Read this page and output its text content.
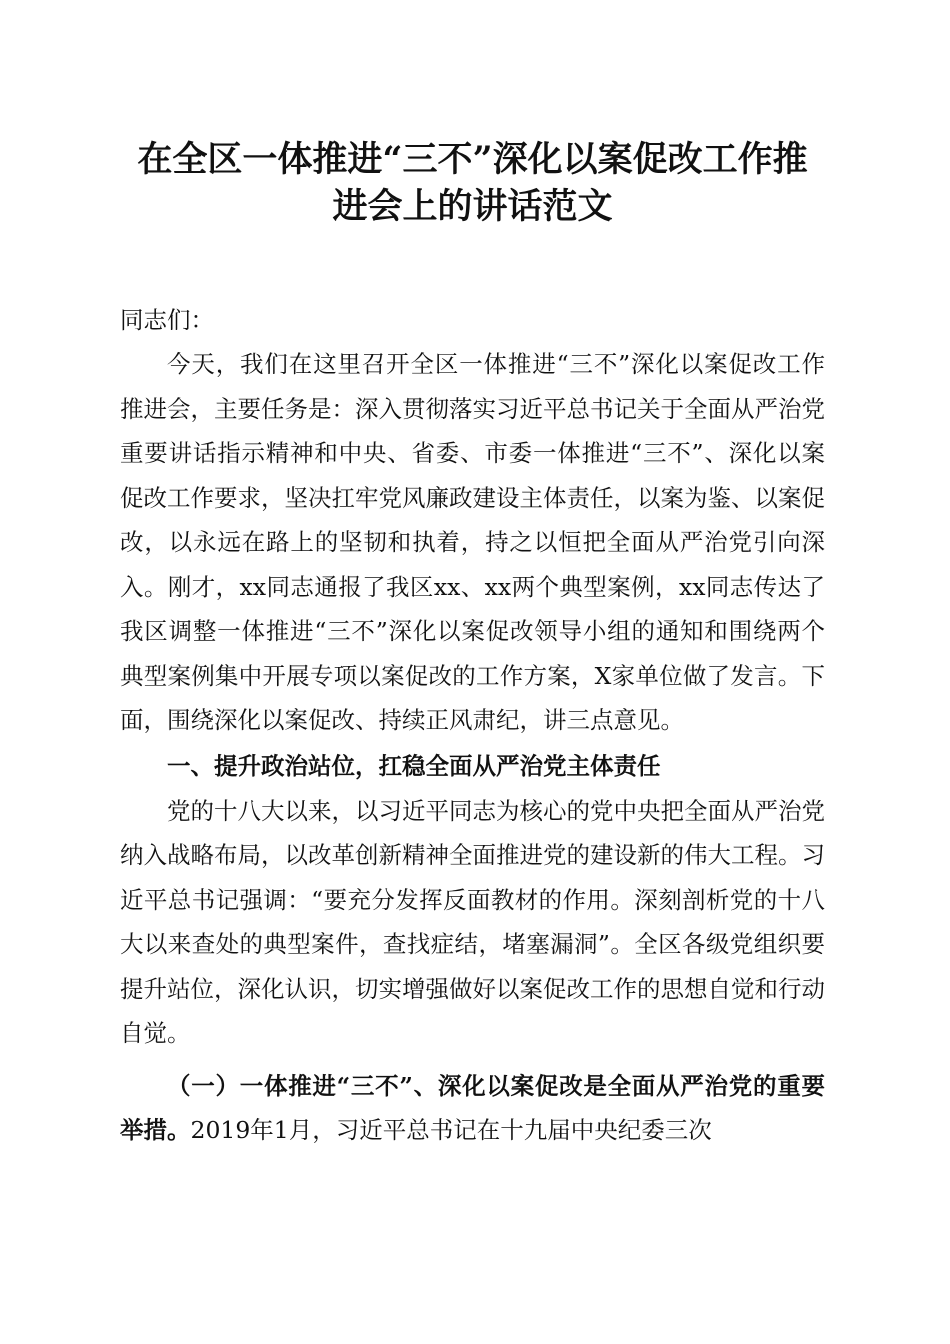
在全区一体推进“三不”深化以案促改工作推
进会上的讲话范文

同志们：

今天，我们在这里召开全区一体推进“三不”深化以案促改工作推进会，主要任务是：深入贯彻落实习近平总书记关于全面从严治党重要讲话指示精神和中央、省委、市委一体推进“三不”、深化以案促改工作要求，坚决扛牢党风廉政建设主体责任，以案为鉴、以案促改，以永远在路上的坚韧和执着，持之以恒把全面从严治党引向深入。刚才，xx同志通报了我区xx、xx两个典型案例，xx同志传达了我区调整一体推进“三不”深化以案促改领导小组的通知和围绕两个典型案例集中开展专项以案促改的工作方案，X家单位做了发言。下面，围绕深化以案促改、持续正风肃纪，讲三点意见。

一、提升政治站位，扛稳全面从严治党主体责任

党的十八大以来，以习近平同志为核心的党中央把全面从严治党纳入战略布局，以改革创新精神全面推进党的建设新的伟大工程。习近平总书记强调：“要充分发挥反面教材的作用。深刻剖析党的十八大以来查处的典型案件，查找症结，堵塞漏洞”。全区各级党组织要提升站位，深化认识，切实增强做好以案促改工作的思想自觉和行动自觉。

（一）一体推进“三不”、深化以案促改是全面从严治党的重要举措。2019年1月，习近平总书记在十九届中央纪委三次
